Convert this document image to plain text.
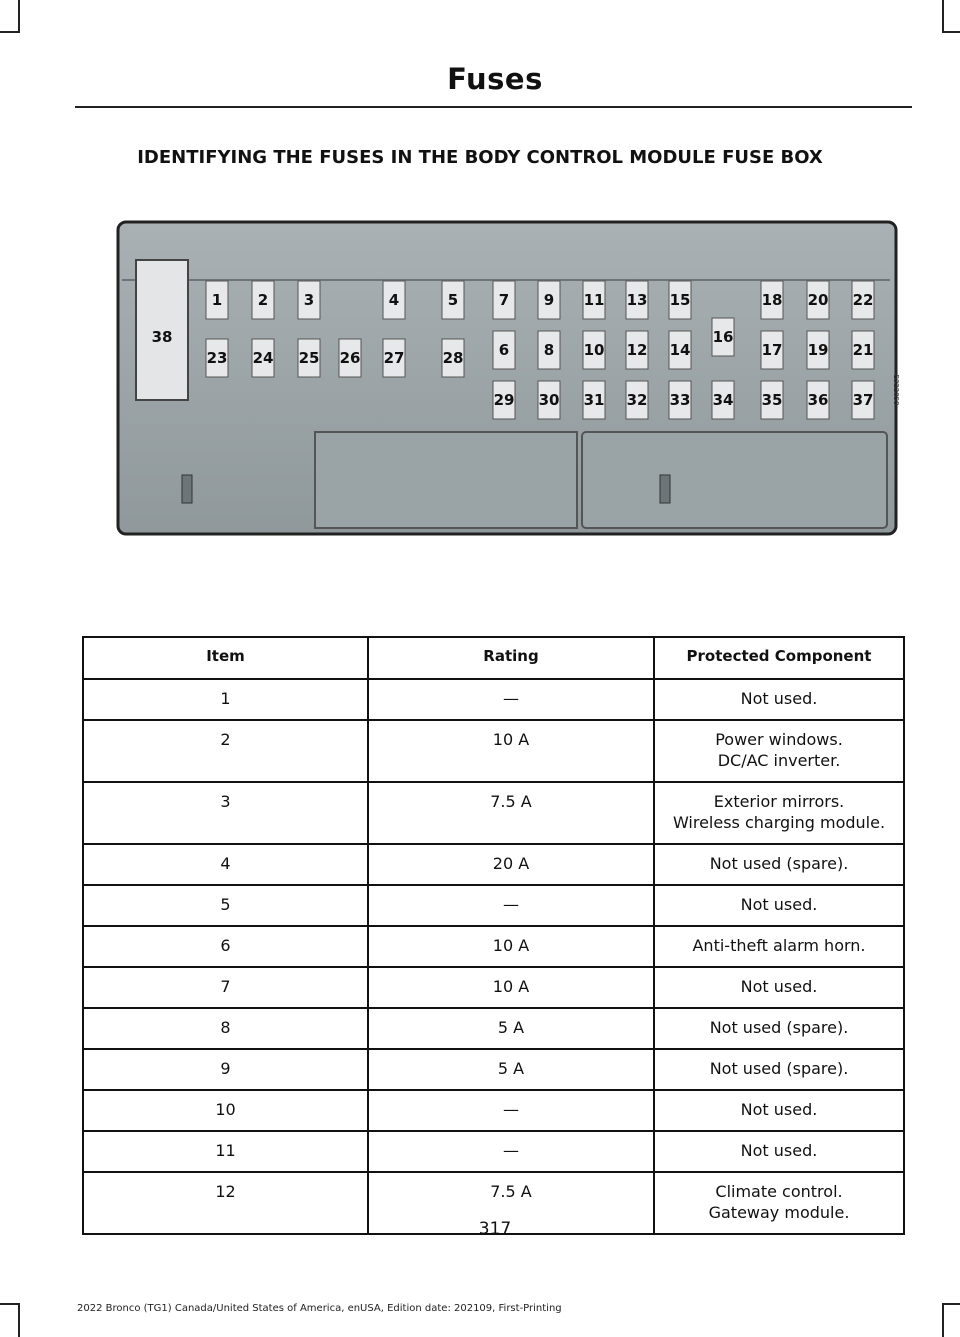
Fuses
IDENTIFYING THE FUSES IN THE BODY CONTROL MODULE FUSE BOX
1 2 3	4	5
6
7
8
9
10
11
12
13
14
15
16
17
18
19
20
21
22
23 24 25 26 27	28
29 30 31 32 33 34 35 36 37
38
E322859
Item	Rating	Protected Component
1	—	Not used.

2	10 A	Power windows.
DC/AC inverter.

3	7.5 A	Exterior mirrors.
Wireless charging module.

4	20 A	Not used (spare).

5	—	Not used.

6	10 A	Anti-theft alarm horn.

7	10 A	Not used.

8	5 A	Not used (spare).

9	5 A	Not used (spare).

10	—	Not used.

11	—	Not used.

12	7.5 A	Climate control.
Gateway module.
317
2022 Bronco (TG1) Canada/United States of America, enUSA, Edition date: 202109, First-Printing
